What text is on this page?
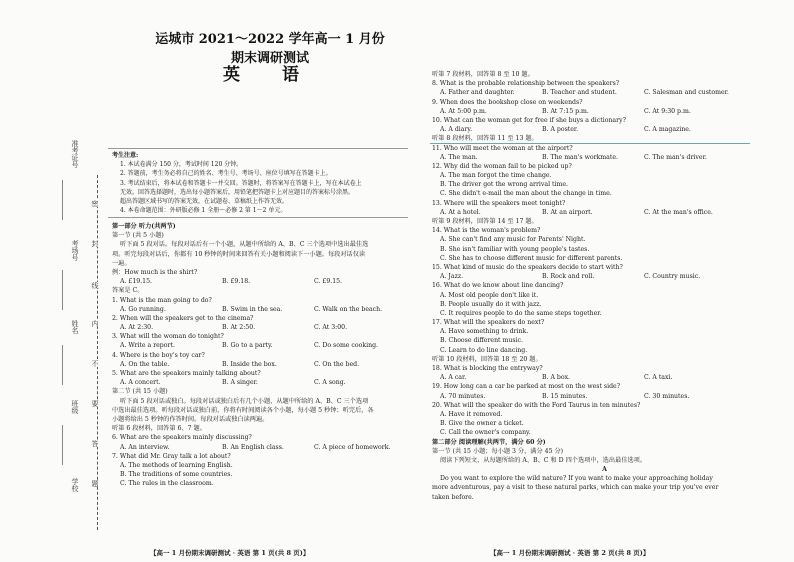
准考证号
考场号
姓名
班级
学校
密
封
线
内
不
要
答
题
运城市 2021～2022 学年高一 1 月份期末调研测试
英 语
考生注意:
1. 本试卷满分 150 分，考试时间 120 分钟。
2. 答题前，考生务必将自己的姓名、考生号、考场号、座位号填写在答题卡上。
3. 考试结束后，将本试卷和答题卡一并交回。答题时，将答案写在答题卡上，写在本试卷上
无效。回答选择题时，选出每小题答案后，用铅笔把答题卡上对应题目的答案标号涂黑。
超出答题区域书写的答案无效，在试题卷、草稿纸上作答无效。
4. 本卷命题范围：外研版必修 1 全册～必修 2 第 1～2 单元。
第一部分 听力(共两节)
第一节 (共 5 小题)
听下面 5 段对话。每段对话后有一个小题，从题中所给的 A、B、C 三个选项中选出最佳选
项。听完每段对话后，你都有 10 秒钟的时间来回答有关小题和阅读下一小题。每段对话仅读
一遍。
例：How much is the shirt?
A. £19.15.	B. £9.18.	C. £9.15.
答案是 C。
1. What is the man going to do?
A. Go running.	B. Swim in the sea.	C. Walk on the beach.
2. When will the speakers get to the cinema?
A. At 2:30.	B. At 2:50.	C. At 3:00.
3. What will the woman do tonight?
A. Write a report.	B. Go to a party.	C. Do some cooking.
4. Where is the boy's toy car?
A. On the table.	B. Inside the box.	C. On the bed.
5. What are the speakers mainly talking about?
A. A concert.	B. A singer.	C. A song.
第二节 (共 15 小题)
听下面 5 段对话或独白。每段对话或独白后有几个小题，从题中所给的 A、B、C 三个选项
中选出最佳选项。听每段对话或独白前，你将有时间阅读各个小题，每小题 5 秒钟；听完后，各
小题将给出 5 秒钟的作答时间。每段对话或独白读两遍。
听第 6 段材料，回答第 6、7 题。
6. What are the speakers mainly discussing?
A. An interview.	B. An English class.	C. A piece of homework.
7. What did Mr. Gray talk a lot about?
A. The methods of learning English.
B. The traditions of some countries.
C. The rules in the classroom.
【高一 1 月份期末调研测试 · 英语 第 1 页(共 8 页)】
听第 7 段材料，回答第 8 至 10 题。
8. What is the probable relationship between the speakers?
A. Father and daughter.	B. Teacher and student.	C. Salesman and customer.
9. When does the bookshop close on weekends?
A. At 5:00 p.m.	B. At 7:15 p.m.	C. At 9:30 p.m.
10. What can the woman get for free if she buys a dictionary?
A. A diary.	B. A poster.	C. A magazine.
听第 8 段材料，回答第 11 至 13 题。
11. Who will meet the woman at the airport?
A. The man.	B. The man's workmate.	C. The man's driver.
12. Why did the woman fail to be picked up?
A. The man forgot the time change.
B. The driver got the wrong arrival time.
C. She didn't e-mail the man about the change in time.
13. Where will the speakers meet tonight?
A. At a hotel.	B. At an airport.	C. At the man's office.
听第 9 段材料，回答第 14 至 17 题。
14. What is the woman's problem?
A. She can't find any music for Parents' Night.
B. She isn't familiar with young people's tastes.
C. She has to choose different music for different parents.
15. What kind of music do the speakers decide to start with?
A. Jazz.	B. Rock and roll.	C. Country music.
16. What do we know about line dancing?
A. Most old people don't like it.
B. People usually do it with jazz.
C. It requires people to do the same steps together.
17. What will the speakers do next?
A. Have something to drink.
B. Choose different music.
C. Learn to do line dancing.
听第 10 段材料，回答第 18 至 20 题。
18. What is blocking the entryway?
A. A car.	B. A box.	C. A taxi.
19. How long can a car be parked at most on the west side?
A. 70 minutes.	B. 15 minutes.	C. 30 minutes.
20. What will the speaker do with the Ford Taurus in ten minutes?
A. Have it removed.
B. Give the owner a ticket.
C. Call the owner's company.
第二部分 阅读理解(共两节，满分 60 分)
第一节 (共 15 小题；每小题 3 分，满分 45 分)
阅读下列短文，从每题所给的 A、B、C 和 D 四个选项中，选出最佳选项。
A
Do you want to explore the wild nature? If you want to make your approaching holiday
more adventurous, pay a visit to these natural parks, which can make your trip you've ever
taken before.
【高一 1 月份期末调研测试 · 英语 第 2 页(共 8 页)】
